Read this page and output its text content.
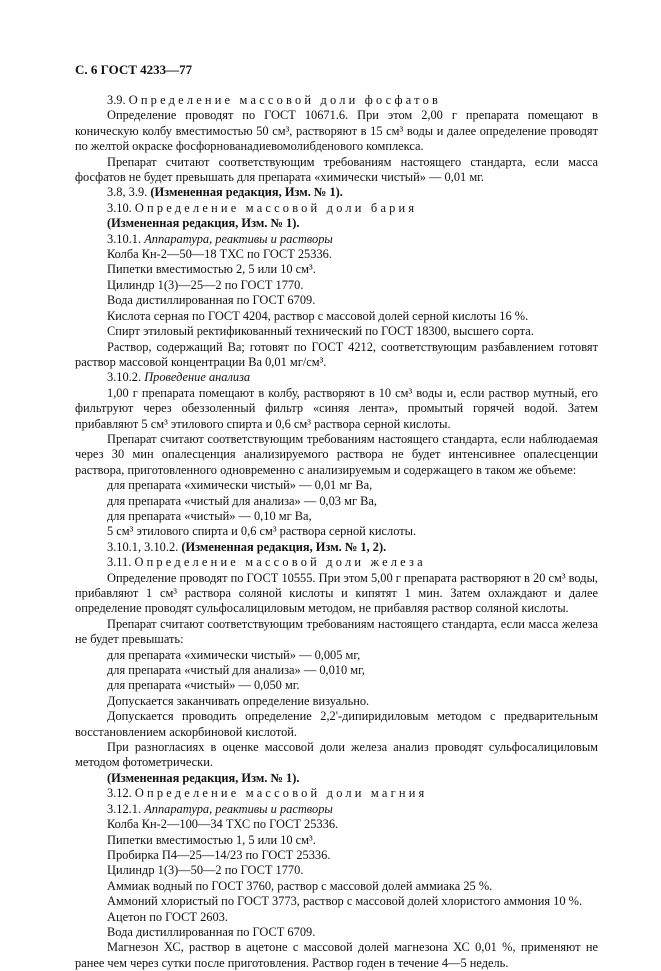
С. 6 ГОСТ 4233—77

3.9. Определение массовой доли фосфатов

Определение проводят по ГОСТ 10671.6. При этом 2,00 г препарата помещают в коническую колбу вместимостью 50 см³, растворяют в 15 см³ воды и далее определение проводят по желтой окраске фосфорнованадиевомолибденового комплекса.

Препарат считают соответствующим требованиям настоящего стандарта, если масса фосфатов не будет превышать для препарата «химически чистый» — 0,01 мг.

3.8, 3.9. (Измененная редакция, Изм. № 1).

3.10. Определение массовой доли бария

(Измененная редакция, Изм. № 1).

3.10.1. Аппаратура, реактивы и растворы

Колба Кн-2—50—18 ТХС по ГОСТ 25336.

Пипетки вместимостью 2, 5 или 10 см³.

Цилиндр 1(3)—25—2 по ГОСТ 1770.

Вода дистиллированная по ГОСТ 6709.

Кислота серная по ГОСТ 4204, раствор с массовой долей серной кислоты 16 %.

Спирт этиловый ректификованный технический по ГОСТ 18300, высшего сорта.

Раствор, содержащий Ва; готовят по ГОСТ 4212, соответствующим разбавлением готовят раствор массовой концентрации Ва 0,01 мг/см³.

3.10.2. Проведение анализа

1,00 г препарата помещают в колбу, растворяют в 10 см³ воды и, если раствор мутный, его фильтруют через обеззоленный фильтр «синяя лента», промытый горячей водой. Затем прибавляют 5 см³ этилового спирта и 0,6 см³ раствора серной кислоты.

Препарат считают соответствующим требованиям настоящего стандарта, если наблюдаемая через 30 мин опалесценция анализируемого раствора не будет интенсивнее опалесценции раствора, приготовленного одновременно с анализируемым и содержащего в таком же объеме:

для препарата «химически чистый» — 0,01 мг Ва,

для препарата «чистый для анализа» — 0,03 мг Ва,

для препарата «чистый» — 0,10 мг Ва,

5 см³ этилового спирта и 0,6 см³ раствора серной кислоты.

3.10.1, 3.10.2. (Измененная редакция, Изм. № 1, 2).

3.11. Определение массовой доли железа

Определение проводят по ГОСТ 10555. При этом 5,00 г препарата растворяют в 20 см³ воды, прибавляют 1 см³ раствора соляной кислоты и кипятят 1 мин. Затем охлаждают и далее определение проводят сульфосалициловым методом, не прибавляя раствор соляной кислоты.

Препарат считают соответствующим требованиям настоящего стандарта, если масса железа не будет превышать:

для препарата «химически чистый» — 0,005 мг,

для препарата «чистый для анализа» — 0,010 мг,

для препарата «чистый» — 0,050 мг.

Допускается заканчивать определение визуально.

Допускается проводить определение 2,2'-дипиридиловым методом с предварительным восстановлением аскорбиновой кислотой.

При разногласиях в оценке массовой доли железа анализ проводят сульфосалициловым методом фотометрически.

(Измененная редакция, Изм. № 1).

3.12. Определение массовой доли магния

3.12.1. Аппаратура, реактивы и растворы

Колба Кн-2—100—34 ТХС по ГОСТ 25336.

Пипетки вместимостью 1, 5 или 10 см³.

Пробирка П4—25—14/23 по ГОСТ 25336.

Цилиндр 1(3)—50—2 по ГОСТ 1770.

Аммиак водный по ГОСТ 3760, раствор с массовой долей аммиака 25 %.

Аммоний хлористый по ГОСТ 3773, раствор с массовой долей хлористого аммония 10 %.

Ацетон по ГОСТ 2603.

Вода дистиллированная по ГОСТ 6709.

Магнезон ХС, раствор в ацетоне с массовой долей магнезона ХС 0,01 %, применяют не ранее чем через сутки после приготовления. Раствор годен в течение 4—5 недель.
